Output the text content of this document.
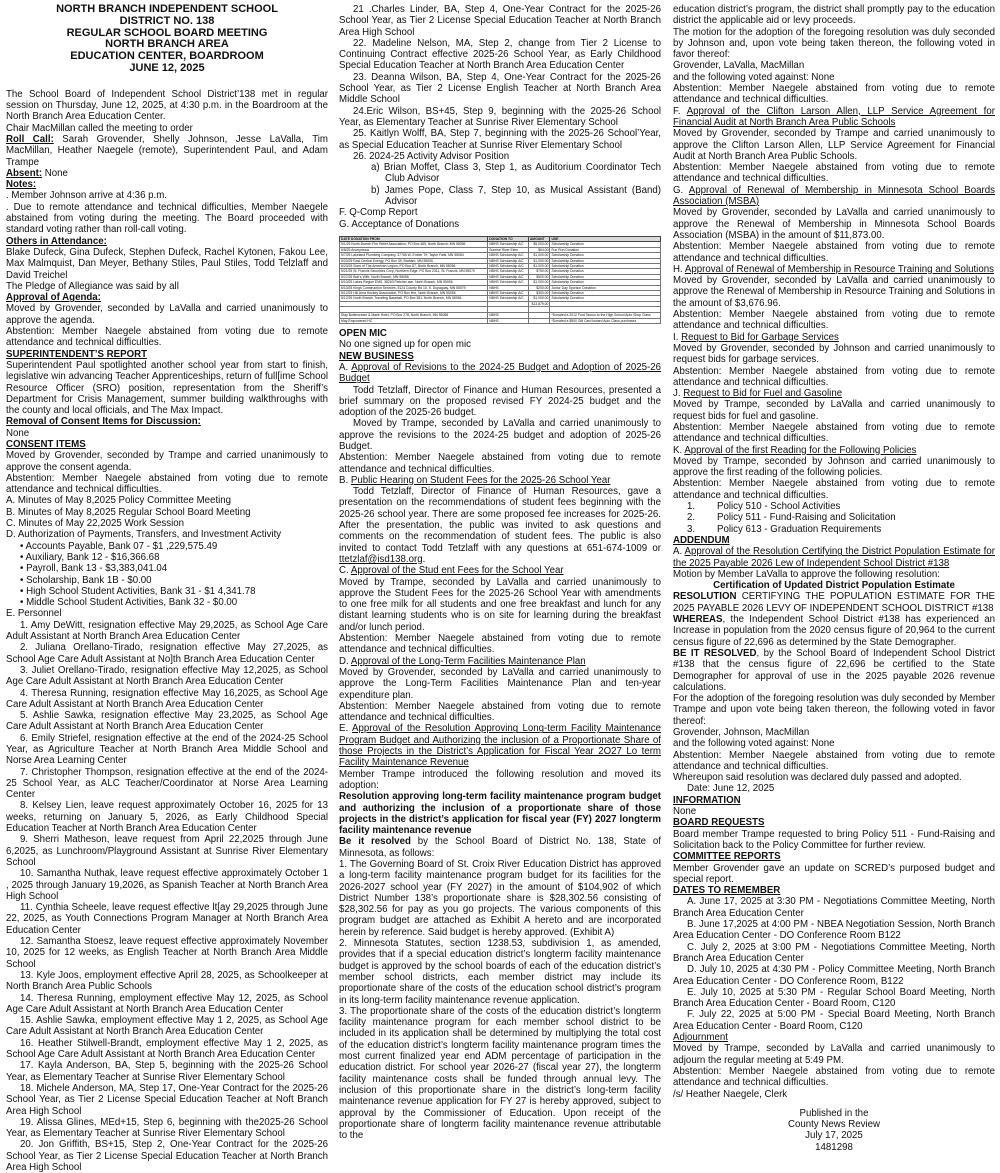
NORTH BRANCH INDEPENDENT SCHOOL
DISTRICT NO. 138
REGULAR SCHOOL BOARD MEETING
NORTH BRANCH AREA
EDUCATION CENTER, BOARDROOM
JUNE 12, 2025

The School Board of Independent School District’138 met in regular session on Thursday, June 12, 2025, at 4:30 p.m. in the Boardroom at the North Branch Area Education Center.

Chair MacMillan called the meeting to order

Roll Call: Sarah Grovender, Shelly Johnson, Jesse LaValla, Tim MacMillan, Heather Naegele (remote), Superintendent Paul, and Adam Trampe

Absent: None

Notes:

. Member Johnson arrive at 4:36 p.m.

. Due to remote attendance and technical difficulties, Member Naegele abstained from voting during the meeting. The Board proceeded with standard voting rather than roll-call voting.

Others in Attendance:

Blake Dufeck, Gina Dufeck, Stephen Dufeck, Rachel Kytonen, Fakou Lee, Max Malmquist, Dan Meyer, Bethany Stiles, Paul Stiles, Todd Telzlaff and David Treichel

The Pledge of Allegiance was said by all

Approval of Agenda:

Moved by Grovender, seconded by LaValla and carried unanimously to approve the agenda.

Abstention: Member Naegele abstained from voting due to remote attendance and technical difficulties.

SUPERINTENDENT’S REPORT

Superintendent Paul spotlighted another school year from start to finish, legislative win advancing Teacher Apprenticeships, return of full[ime School Resource Officer (SRO) position, representation from the Sheriff’s Department for Crisis Management, summer building walkthroughs with the county and local officials, and The Max Impact.

Removal of Consent Items for Discussion:

None

CONSENT ITEMS

Moved by Grovender, seconded by Trampe and carried unanimously to approve the consent agenda.

Abstention: Member Naegele abstained from voting due to remote attendance and technical difficulties.

A. Minutes of May 8,2025 Policy Committee Meeting

B. Minutes of May 8,2025 Regular School Board Meeting

C. Minutes of May 22,2025 Work Session

D. Authorization of Payments, Transfers, and Investment Activity

• Accounts Payable, Bank 07 - $1 ,229,575.49

• Auxiliary, Bank 12 - $16,366.68

• Payroll, Bank 13 - $3,383,041.04

• Scholarship, Bank 1B - $0.00

• High School Student Activities, Bank 31 - $1 4,341.78

• Middle School Student Activities, Bank 32 - $0.00

E. Personnel

1. Amy DeWitt, resignation effective May 29,2025, as School Age Care Adult Assistant at North Branch Area Education Center

2. Juliana Orellano-Tirado, resignation effective May 27,2025, as School Age Care Adult Assistant at No]th Branch Area Education Center

3. Juliet Orellano-Tirado, resignation effective May 12,2025, as School Age Care Adult Assistant at North Branch Area Education Center

4. Theresa Running, resignation effective May 16,2025, as School Age Care Adult Assistant at North Branch Area Education Center

5. Ashlie Sawka, resignation effective May 23,2025, as School Age Care Adult Assistant at North Branch Area Education Center

6. Emily Striefel, resignation effective at the end of the 2024-25 School Year, as Agriculture Teacher at North Branch Area Middle School and Norse Area Learning Center

7. Christopher Thompson, resignation effective at the end of the 2024-25 School Year, as ALC Teacher/Coordinator at Norse Area Learning Center

8. Kelsey Lien, leave request approximately October 16, 2025 for 13 weeks, returning on January 5, 2026, as Early Childhood Special Education Teacher at North Branch Area Education Center

9. Sherri Matheson, leave request from April 22,2025 through June 6,2025, as Lunchroom/Playground Assistant at Sunrise River Elementary School

10. Samantha Nuthak, leave request effective approximately October 1 , 2025 through January 19,2026, as Spanish Teacher at North Branch Area High School

11. Cynthia Scheele, leave request effective lt[ay 29,2025 through June 22, 2025, as Youth Connections Program Manager at North Branch Area Education Center

12. Samantha Stoesz, leave request effective approximately November 10, 2025 for 12 weeks, as English Teacher at North Branch Area Middle School

13. Kyle Joos, employment effective April 28, 2025, as Schoolkeeper at North Branch Area Public Schools

14. Theresa Running, employment effective May 12, 2025, as School Age Care Adult Assistant at North Branch Area Education Center

15. Ashlie Sawka, employment effective May 1 2, 2025, as School Age Care Adult Assistant at North Branch Area Education Center

16. Heather Stilwell-Brandt, employment effective May 1 2, 2025, as School Age Care Adult Assistant at North Branch Area Education Center

17. Kayla Anderson, BA, Step 5, beginning with the 2025-26 School Year, as Elementary Teacher at Sunrise River Elementary School

18. Michele Anderson, MA, Step 17, One-Year Contract for the 2025-26 School Year, as Tier 2 License Special Education Teacher at Noft Branch Area High School

19. Alissa Glines, MEd+15, Step 6, beginning with the2025-26 School Year, as Elementary Teacher at Sunrise River Elementary School

20. Jon Griffith, BS+15, Step 2, One-Year Contract for the 2025-26 School Year, as Tier 2 License Special Education Teacher at North Branch Area High School

21 .Charles Linder, BA, Step 4, One-Year Contract for the 2025-26 School Year, as Tier 2 License Special Education Teacher at North Branch Area High School

22. Madeline Nelson, MA, Step 2, change from Tier 2 License to Continuing Contract effective 2025-26 School Year, as Early Childhood Special Education Teacher at North Branch Area Education Center

23. Deanna Wilson, BA, Step 4, One-Year Contract for the 2025-26 School Year, as Tier 2 License English Teacher at North Branch Area Middle School

24.Eric Wilson, BS+45, Step 9, beginning with the 2025-26 School Year, as Elementary Teacher at Sunrise River Elementary School

25. Kaitlyn Wolff, BA, Step 7, beginning with the 2025-26 School’Year, as Special Education Teacher at Sunrise River Elementary School

26. 2024-25 Activity Advisor Position

a) Brian Moffet, Class 3, Step 1, as Auditorium Coordinator Tech Club Advisor

b) James Pope, Class 7, Step 10, as Musical Assistant (Band) Advisor

F. Q-Comp Report

G. Acceptance of Donations

DATE DONATION FROM	DONATION TO	AMOUNT	USE
5/1/25 North Branch Fire Relief Association, PO Box 465, North Branch, MN 55056	NBHS Scholarship A/C	$5,000.00	Scholarship Donation
5/8/25 Anonymous	Sunrise River Elem	$64.00	Fun Run Donation
5/7/25 Lakeland Plumbing Company, 37766 W. Ember Trl, Taylor Falls, MN 55084	NBHS Scholarship A/C	$1,000.00	Scholarship Donation
5/20/25 East Central Energy, PO Box 39, Braham, MN 55006	NBHS Scholarship A/C	$1,000.00	Scholarship Donation
5/20/25 Sons of The American Legion, PO Box 87, North Branch, MN 55056	NBHS Scholarship A/C	$1,000.00	Scholarship Donation
5/21/25 St. Francis Securities Corp, Northern Edge, PO Box 2311, St. Francis, MN 55070	NBHS Scholarship A/C	$750.00	Scholarship Donation
5/27/25 Bob's Wife, North Branch, MN 55056	NBHS Scholarship A/C	$500.00	Scholarship Donation
6/10/25 Lakes Region EMS, 38263 Fletcher ave, North Branch, MN 55056	NBHS Scholarship A/C	$1,000.00	Scholarship Donation
6/10/25 Kings Construction Services, 5124 County Rd 10, S. Dupaguay, MN 55079	NBHS	$200.00	Junior Day Sponsor Donation
5/12/25 Hill Area Hockey Association, PO Box Hrn, North Branch, MN 55056	NBHS Scholarship A/C	$300.00	Scholarship Donation
5/12/25 North Branch Traveling Baseball, PO Box 381, North Branch, MN 55056	NBHS Scholarship A/C	$1,000.00	Scholarship Donation
		$13,879.00	

Stay Buttercream & Marie Hotel, PO Box 278, North Branch, MN 55056	NBHS		*Donated a 2012 Ford Taurus to the High School Auto Shop Class
May Empowered HC	NBHS		*Donated a $500 Gift Card toward Auto Class purchases

OPEN MIC

No one signed up for open mic

NEW BUSINESS

A. Approval of Revisions to the 2024-25 Budget and Adoption of 2025-26 Budget

Todd Tetzlaff, Director of Finance and Human Resources, presented a brief summary on the proposed revised FY 2024-25 budget and the adoption of the 2025-26 budget.

Moved by Trampe, seconded by LaValla and carried unanimously to approve the revisions to the 2024-25 budget and adoption of 2025-26 Budget.

Abstention: Member Naegele abstained from voting due to remote attendance and technical difficulties.

B. Public Hearing on Student Fees for the 2025-26 School Year

Todd Tetzlaff, Director of Finance of Human Resources, gave a presentation on the recommendations of student fees beginning with the 2025-26 school year. There are some proposed fee increases for 2025-26. After the presentation, the public was invited to ask questions and comments on the recommendation of student fees. The public is also invited to contact Todd Tetzlaff with any questions at 651-674-1009 or ttetzlaf@isd138.org.

C. Approval of the Stud ent Fees for the School Year

Moved by Trampe, seconded by LaValla and carried unanimously to approve the Student Fees for the 2025-26 School Year with amendments to one free milk for all students and one free breakfast and lunch for any distant learning students who is on site for learning during the breakfast and/or lunch period.

Abstention: Member Naegele abstained from voting due to remote attendance and technical difficulties.

D. Approval of the Long-Term Facilities Maintenance Plan

Moved by Grovender, seconded by LaValla and carried unanimously to approve the Long-Term Facilities Maintenance Plan and ten-year expenditure plan.

Abstention: Member Naegele abstained from voting due to remote attendance and technical difficulties.

E. Approval of the Resolution Approving Long-term Facility Maintenance Program Budget and Authorizing the inclusion of a Proportionate Share of those Projects in the District’s Application for Fiscal Year 2O27 Lo term Facility Maintenance Revenue

Member Trampe introduced the following resolution and moved its adoption:

Resolution approving long-term facility maintenance program budget and authorizing the inclusion of a proportionate share of those projects in the district’s application for fiscal year (FY) 2027 longterm facility maintenance revenue

Be it resolved by the School Board of District No. 138, State of Minnesota, as follows:

1. The Governing Board of St. Croix River Education District has approved a long-term facility maintenance program budget for its facilities for the 2026-2027 school year (FY 2027) in the amount of $104,902 of which District Number 138’s proportionate share is $28,302.56 consisting of $28,302.56 for pay as you go projects. The various components of this program budget are attached as Exhibit A hereto and are incorporated herein by reference. Said budget is hereby approved. (Exhibit A)

2. Minnesota Statutes, section 1238.53, subdivision 1, as amended, provides that if a special education district’s longterm facility maintenance budget is approved by the school boards of each of the education district’s member school districts, each member district may include its proportionate share of the costs of the education school district’s program in its long-term facility maintenance revenue application.

3. The proportionate share of the costs of the education district’s longterm facility maintenance program for each member school district to be included in its application shall be determined by multiplying the total cost of the education district’s longterm facility maintenance program times the most current finalized year end ADM percentage of participation in the education district. For school year 2026-27 (fiscal year 27), the longterm facility maintenance costs shall be funded through annual levy. The inclusion of this proportionate share in the district’s long-term facility maintenance revenue application for FY 27 is hereby approved, subject to approval by the Commissioner of Education. Upon receipt of the proportionate share of longterm facility maintenance revenue attributable to the

education district’s program, the district shall promptly pay to the education district the applicable aid or levy proceeds.

The motion for the adoption of the foregoing resolution was duly seconded by Johnson and, upon vote being taken thereon, the following voted in favor thereof:

Grovender, LaValla, MacMillan

and the following voted against: None

Abstention: Member Naegele abstained from voting due to remote attendance and technical difficulties.

F. Approval of the Clifton Larson Allen, LLP Service Agreement for Financial Audit at North Branch Area Public Schools

Moved by Grovender, seconded by Trampe and carried unanimously to approve the Clifton Larson Allen, LLP Service Agreement for Financial Audit at North Branch Area Public Schools.

Abstention: Member Naegele abstained from voting due to remote attendance and technical difficulties.

G. Approval of Renewal of Membership in Minnesota School Boards Association (MSBA)

Moved by Grovender, seconded by LaValla and carried unanimously to approve the Renewal of Membership in Minnesota School Boards Association (MSBA) in the amount of $11,873.00.

Abstention: Member Naegele abstained from voting due to remote attendance and technical difficulties.

H. Approval of Renewal of Membership in Resource Training and Solutions

Moved by Grovender, seconded by LaValla and carried unanimously to approve the Renewal of Membership in Resource Training and Solutions in the amount of $3,676.96.

Abstention: Member Naegele abstained from voting due to remote attendance and technical difficulties.

I. Request to Bid for Garbage Services

Moved by Grovender, seconded by Johnson and carried unanimously to request bids for garbage services.

Abstention: Member Naegele abstained from voting due to remote attendance and technical difficulties.

J. Request to Bid for Fuel and Gasoline

Moved by Trampe, seconded by LaValla and carried unanimously to request bids for fuel and gasoline.

Abstention: Member Naegele abstained from voting due to remote attendance and technical difficulties.

K. Approval of the first Reading for the Following Policies

Moved by Trampe, seconded by Johnson and carried unanimously to approve the first reading of the following policies.

Abstention: Member Naegele abstained from voting due to remote attendance and technical difficulties.

1. Policy 510 - School Activities

2. Policy 511 - Fund-Raising and Solicitation

3. Policy 613 - Graduation Requirements

ADDENDUM

A. Approval of the Resolution Certifying the District Population Estimate for the 2025 Payable 2026 Lew of Independent School District #138

Motion by Member LaValla to approve the following resolution:

Certification of Updated District Population Estimate

RESOLUTION CERTIFYING THE POPULATION ESTIMATE FOR THE 2025 PAYABLE 2026 LEVY OF INDEPENDENT SCHOOL DISTRICT #138

WHEREAS, the Independent School District #138 has experienced an Increase in population from the 2020 census figure of 20,964 to the current census figure of 22,696 as determined by the State Demographer.

BE IT RESOLVED, by the School Board of Independent School District #138 that the census figure of 22,696 be certified to the State Demographer for approval of use in the 2025 payable 2026 revenue calculations.

For the adoption of the foregoing resolution was duly seconded by Member Trampe and upon vote being taken thereon, the following voted in favor thereof:

Grovender, Johnson, MacMillan

and the following voted against: None

Abstention: Member Naegele abstained from voting due to remote attendance and technical difficulties.

Whereupon said resolution was declared duly passed and adopted.

Date: June 12, 2025

INFORMATION

None

BOARD REQUESTS

Board member Trampe requested to bring Policy 511 - Fund-Raising and Solicitation back to the Policy Committee for further review.

COMMITTEE REPORTS

Member Grovender gave an update on SCRED’s purposed budget and special report.

DATES TO REMEMBER

A. June 17, 2025 at 3:30 PM - Negotiations Committee Meeting, North Branch Area Education Center

B. June 17,2025 at 4:00 PM - NBEA Negotiation Session, North Branch Area Education Center - DO Conference Room B122

C. July 2, 2025 at 3:00 PM - Negotiations Committee Meeting, North Branch Area Education Center

D. July 10, 2025 at 4:30 PM - Policy Committee Meeting, North Branch Area Education Center - DO Conference Room, B122

E. July 10, 2025 at 5:30 PM - Regular School Board Meeting, North Branch Area Education Center - Board Room, C120

F. July 22, 2025 at 5:00 PM - Special Board Meeting, North Branch Area Education Center - Board Room, C120

Adjournment

Moved by Trampe, seconded by LaValla and carried unanimously to adjourn the regular meeting at 5:49 PM.

Abstention: Member Naegele abstained from voting due to remote attendance and technical difficulties.

/s/ Heather Naegele, Clerk

Published in the
County News Review
July 17, 2025
1481298
